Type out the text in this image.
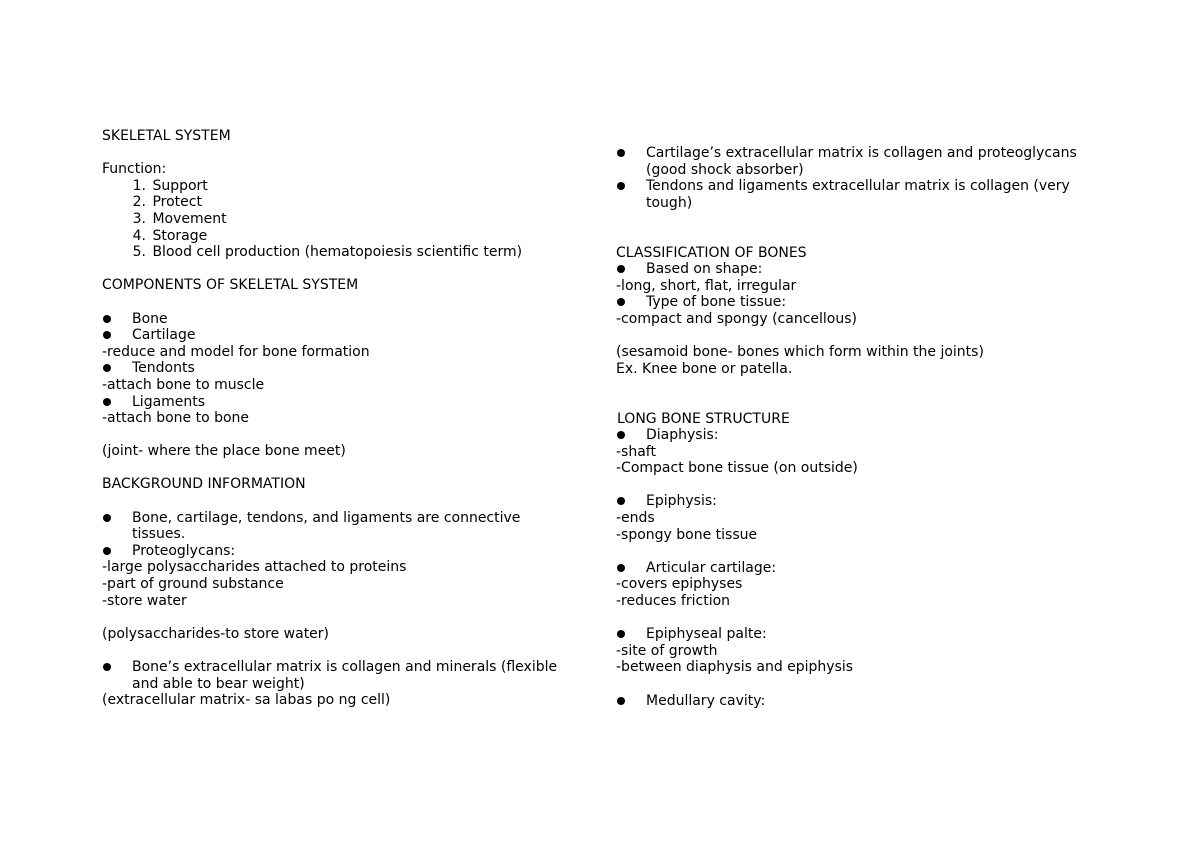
SKELETAL SYSTEM
Function:
1. Support
2. Protect
3. Movement
4. Storage
5. Blood cell production (hematopoiesis scientific term)
COMPONENTS OF SKELETAL SYSTEM
Bone
Cartilage
-reduce and model for bone formation
Tendonts
-attach bone to muscle
Ligaments
-attach bone to bone
(joint- where the place bone meet)
BACKGROUND INFORMATION
Bone, cartilage, tendons, and ligaments are connective tissues.
Proteoglycans:
-large polysaccharides attached to proteins
-part of ground substance
-store water
(polysaccharides-to store water)
Bone’s extracellular matrix is collagen and minerals (flexible and able to bear weight)
(extracellular matrix- sa labas po ng cell)
Cartilage’s extracellular matrix is collagen and proteoglycans (good shock absorber)
Tendons and ligaments extracellular matrix is collagen (very tough)
CLASSIFICATION OF BONES
Based on shape:
-long, short, flat, irregular
Type of bone tissue:
-compact and spongy (cancellous)
(sesamoid bone- bones which form within the joints)
Ex. Knee bone or patella.
LONG BONE STRUCTURE
Diaphysis:
-shaft
-Compact bone tissue (on outside)
Epiphysis:
-ends
-spongy bone tissue
Articular cartilage:
-covers epiphyses
-reduces friction
Epiphyseal palte:
-site of growth
-between diaphysis and epiphysis
Medullary cavity:
